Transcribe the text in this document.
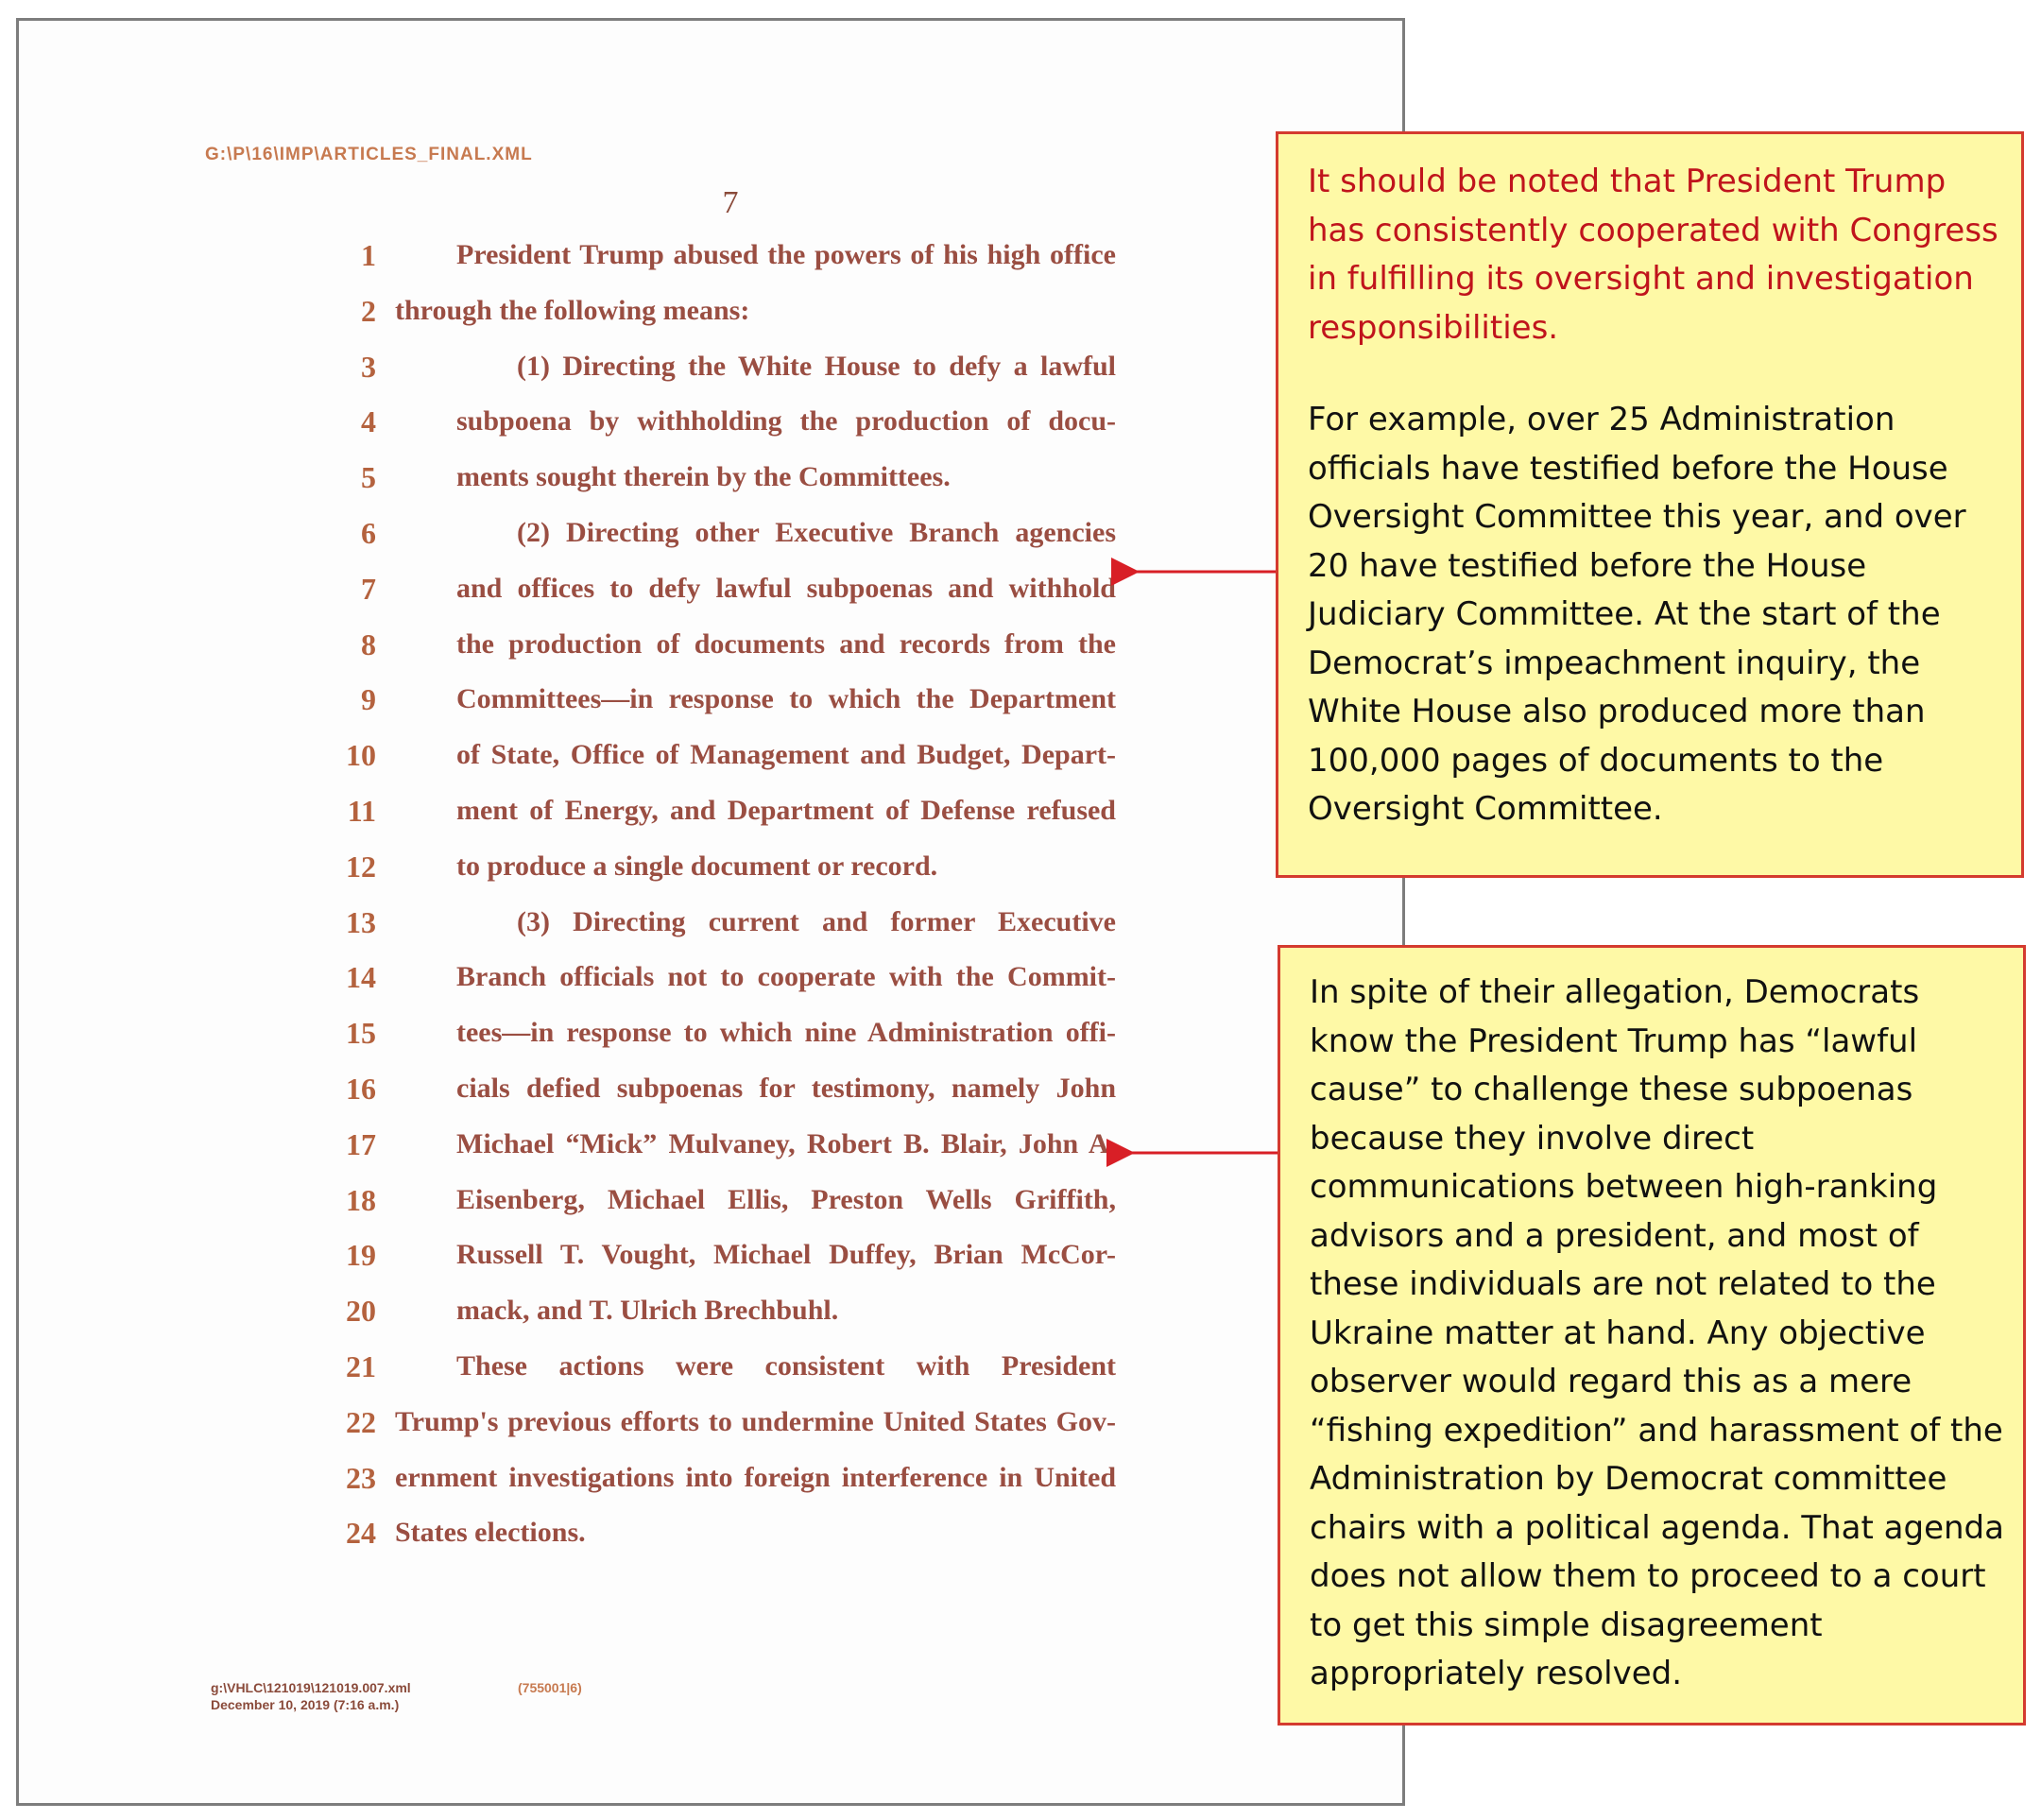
G:\P\16\IMP\ARTICLES_FINAL.XML
7
1	President Trump abused the powers of his high office
2 through the following means:
3	(1) Directing the White House to defy a lawful
4	subpoena by withholding the production of docu-
5	ments sought therein by the Committees.
6	(2) Directing other Executive Branch agencies
7	and offices to defy lawful subpoenas and withhold
8	the production of documents and records from the
9	Committees—in response to which the Department
10	of State, Office of Management and Budget, Depart-
11	ment of Energy, and Department of Defense refused
12	to produce a single document or record.
13	(3) Directing current and former Executive
14	Branch officials not to cooperate with the Commit-
15	tees—in response to which nine Administration offi-
16	cials defied subpoenas for testimony, namely John
17	Michael “Mick” Mulvaney, Robert B. Blair, John A.
18	Eisenberg, Michael Ellis, Preston Wells Griffith,
19	Russell T. Vought, Michael Duffey, Brian McCor-
20	mack, and T. Ulrich Brechbuhl.
21	These actions were consistent with President
22 Trump's previous efforts to undermine United States Gov-
23 ernment investigations into foreign interference in United
24 States elections.
g:\VHLC\121019\121019.007.xml
December 10, 2019 (7:16 a.m.)
(755001|6)

It should be noted that President Trump has consistently cooperated with Congress in fulfilling its oversight and investigation responsibilities.

For example, over 25 Administration officials have testified before the House Oversight Committee this year, and over 20 have testified before the House Judiciary Committee. At the start of the Democrat’s impeachment inquiry, the White House also produced more than 100,000 pages of documents to the Oversight Committee.

In spite of their allegation, Democrats know the President Trump has “lawful cause” to challenge these subpoenas because they involve direct communications between high-ranking advisors and a president, and most of these individuals are not related to the Ukraine matter at hand. Any objective observer would regard this as a mere “fishing expedition” and harassment of the Administration by Democrat committee chairs with a political agenda. That agenda does not allow them to proceed to a court to get this simple disagreement appropriately resolved.
